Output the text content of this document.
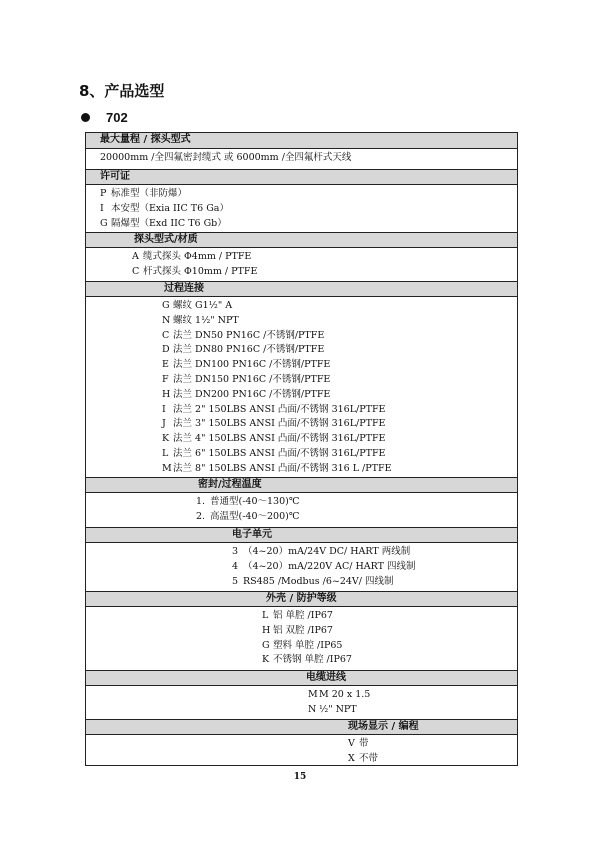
8、产品选型
702
最大量程 / 探头型式
20000mm /全四氟密封缆式 或 6000mm /全四氟杆式天线
许可证
P 标准型（非防爆）
I 本安型（Exia IIC T6 Ga）
G 隔爆型（Exd IIC T6 Gb）
探头型式/材质
A 缆式探头 Φ4mm / PTFE
C 杆式探头 Φ10mm / PTFE
过程连接
G 螺纹 G1½" A
N 螺纹 1½" NPT
C 法兰 DN50 PN16C /不锈钢/PTFE
D 法兰 DN80 PN16C /不锈钢/PTFE
E 法兰 DN100 PN16C /不锈钢/PTFE
F 法兰 DN150 PN16C /不锈钢/PTFE
H 法兰 DN200 PN16C /不锈钢/PTFE
I 法兰 2" 150LBS ANSI 凸面/不锈钢 316L/PTFE
J 法兰 3" 150LBS ANSI 凸面/不锈钢 316L/PTFE
K 法兰 4" 150LBS ANSI 凸面/不锈钢 316L/PTFE
L 法兰 6" 150LBS ANSI 凸面/不锈钢 316L/PTFE
M法兰 8" 150LBS ANSI 凸面/不锈钢 316 L /PTFE
密封/过程温度
1. 普通型(-40～130)℃
2. 高温型(-40～200)℃
电子单元
3 （4~20）mA/24V DC/ HART 两线制
4 （4~20）mA/220V AC/ HART 四线制
5 RS485 /Modbus /6~24V/ 四线制
外壳 / 防护等级
L 铝 单腔 /IP67
H 铝 双腔 /IP67
G 塑料 单腔 /IP65
K 不锈钢 单腔 /IP67
电缆进线
MM 20 x 1.5
N ½" NPT
现场显示 / 编程
V 带
X 不带
15
